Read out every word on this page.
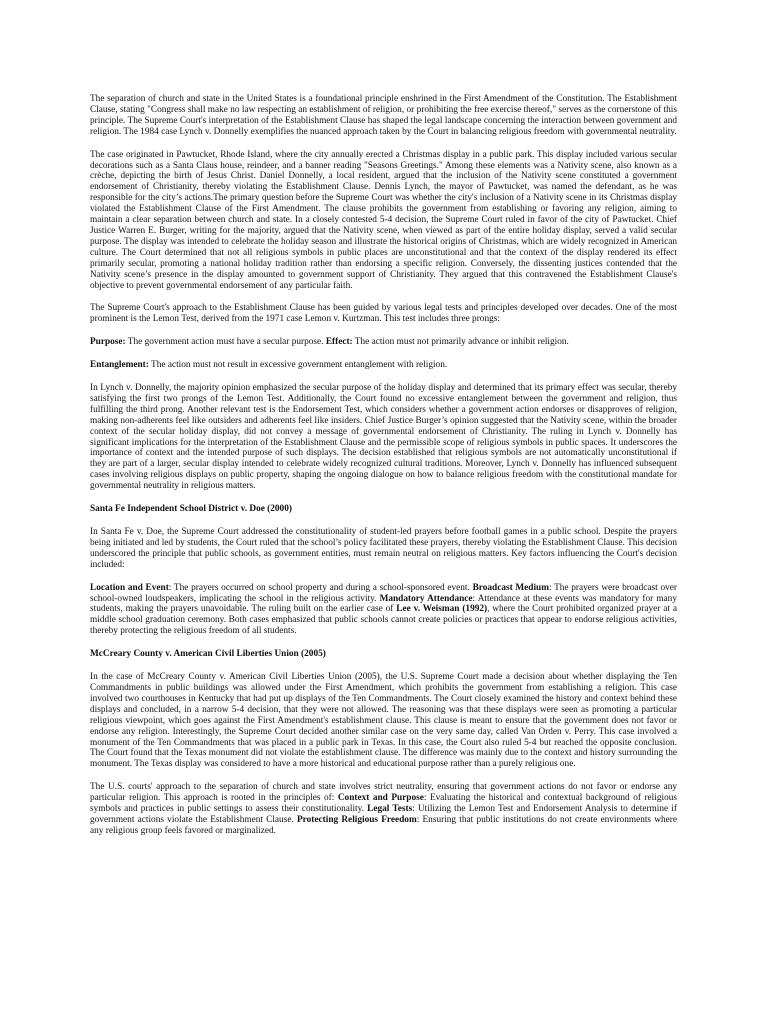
The separation of church and state in the United States is a foundational principle enshrined in the First Amendment of the Constitution. The Establishment Clause, stating "Congress shall make no law respecting an establishment of religion, or prohibiting the free exercise thereof," serves as the cornerstone of this principle. The Supreme Court's interpretation of the Establishment Clause has shaped the legal landscape concerning the interaction between government and religion. The 1984 case Lynch v. Donnelly exemplifies the nuanced approach taken by the Court in balancing religious freedom with governmental neutrality.

The case originated in Pawtucket, Rhode Island, where the city annually erected a Christmas display in a public park. This display included various secular decorations such as a Santa Claus house, reindeer, and a banner reading "Seasons Greetings." Among these elements was a Nativity scene, also known as a crèche, depicting the birth of Jesus Christ. Daniel Donnelly, a local resident, argued that the inclusion of the Nativity scene constituted a government endorsement of Christianity, thereby violating the Establishment Clause. Dennis Lynch, the mayor of Pawtucket, was named the defendant, as he was responsible for the city’s actions.The primary question before the Supreme Court was whether the city's inclusion of a Nativity scene in its Christmas display violated the Establishment Clause of the First Amendment. The clause prohibits the government from establishing or favoring any religion, aiming to maintain a clear separation between church and state. In a closely contested 5-4 decision, the Supreme Court ruled in favor of the city of Pawtucket. Chief Justice Warren E. Burger, writing for the majority, argued that the Nativity scene, when viewed as part of the entire holiday display, served a valid secular purpose. The display was intended to celebrate the holiday season and illustrate the historical origins of Christmas, which are widely recognized in American culture. The Court determined that not all religious symbols in public places are unconstitutional and that the context of the display rendered its effect primarily secular, promoting a national holiday tradition rather than endorsing a specific religion. Conversely, the dissenting justices contended that the Nativity scene’s presence in the display amounted to government support of Christianity. They argued that this contravened the Establishment Clause's objective to prevent governmental endorsement of any particular faith.

The Supreme Court's approach to the Establishment Clause has been guided by various legal tests and principles developed over decades. One of the most prominent is the Lemon Test, derived from the 1971 case Lemon v. Kurtzman. This test includes three prongs:

Purpose: The government action must have a secular purpose. Effect: The action must not primarily advance or inhibit religion.

Entanglement: The action must not result in excessive government entanglement with religion.

In Lynch v. Donnelly, the majority opinion emphasized the secular purpose of the holiday display and determined that its primary effect was secular, thereby satisfying the first two prongs of the Lemon Test. Additionally, the Court found no excessive entanglement between the government and religion, thus fulfilling the third prong. Another relevant test is the Endorsement Test, which considers whether a government action endorses or disapproves of religion, making non-adherents feel like outsiders and adherents feel like insiders. Chief Justice Burger’s opinion suggested that the Nativity scene, within the broader context of the secular holiday display, did not convey a message of governmental endorsement of Christianity. The ruling in Lynch v. Donnelly has significant implications for the interpretation of the Establishment Clause and the permissible scope of religious symbols in public spaces. It underscores the importance of context and the intended purpose of such displays. The decision established that religious symbols are not automatically unconstitutional if they are part of a larger, secular display intended to celebrate widely recognized cultural traditions. Moreover, Lynch v. Donnelly has influenced subsequent cases involving religious displays on public property, shaping the ongoing dialogue on how to balance religious freedom with the constitutional mandate for governmental neutrality in religious matters.

Santa Fe Independent School District v. Doe (2000)

In Santa Fe v. Doe, the Supreme Court addressed the constitutionality of student-led prayers before football games in a public school. Despite the prayers being initiated and led by students, the Court ruled that the school’s policy facilitated these prayers, thereby violating the Establishment Clause. This decision underscored the principle that public schools, as government entities, must remain neutral on religious matters. Key factors influencing the Court's decision included:

Location and Event: The prayers occurred on school property and during a school-sponsored event. Broadcast Medium: The prayers were broadcast over school-owned loudspeakers, implicating the school in the religious activity. Mandatory Attendance: Attendance at these events was mandatory for many students, making the prayers unavoidable. The ruling built on the earlier case of Lee v. Weisman (1992), where the Court prohibited organized prayer at a middle school graduation ceremony. Both cases emphasized that public schools cannot create policies or practices that appear to endorse religious activities, thereby protecting the religious freedom of all students.

McCreary County v. American Civil Liberties Union (2005)

In the case of McCreary County v. American Civil Liberties Union (2005), the U.S. Supreme Court made a decision about whether displaying the Ten Commandments in public buildings was allowed under the First Amendment, which prohibits the government from establishing a religion. This case involved two courthouses in Kentucky that had put up displays of the Ten Commandments. The Court closely examined the history and context behind these displays and concluded, in a narrow 5-4 decision, that they were not allowed. The reasoning was that these displays were seen as promoting a particular religious viewpoint, which goes against the First Amendment's establishment clause. This clause is meant to ensure that the government does not favor or endorse any religion. Interestingly, the Supreme Court decided another similar case on the very same day, called Van Orden v. Perry. This case involved a monument of the Ten Commandments that was placed in a public park in Texas. In this case, the Court also ruled 5-4 but reached the opposite conclusion. The Court found that the Texas monument did not violate the establishment clause. The difference was mainly due to the context and history surrounding the monument. The Texas display was considered to have a more historical and educational purpose rather than a purely religious one.

The U.S. courts' approach to the separation of church and state involves strict neutrality, ensuring that government actions do not favor or endorse any particular religion. This approach is rooted in the principles of: Context and Purpose: Evaluating the historical and contextual background of religious symbols and practices in public settings to assess their constitutionality. Legal Tests: Utilizing the Lemon Test and Endorsement Analysis to determine if government actions violate the Establishment Clause. Protecting Religious Freedom: Ensuring that public institutions do not create environments where any religious group feels favored or marginalized.
